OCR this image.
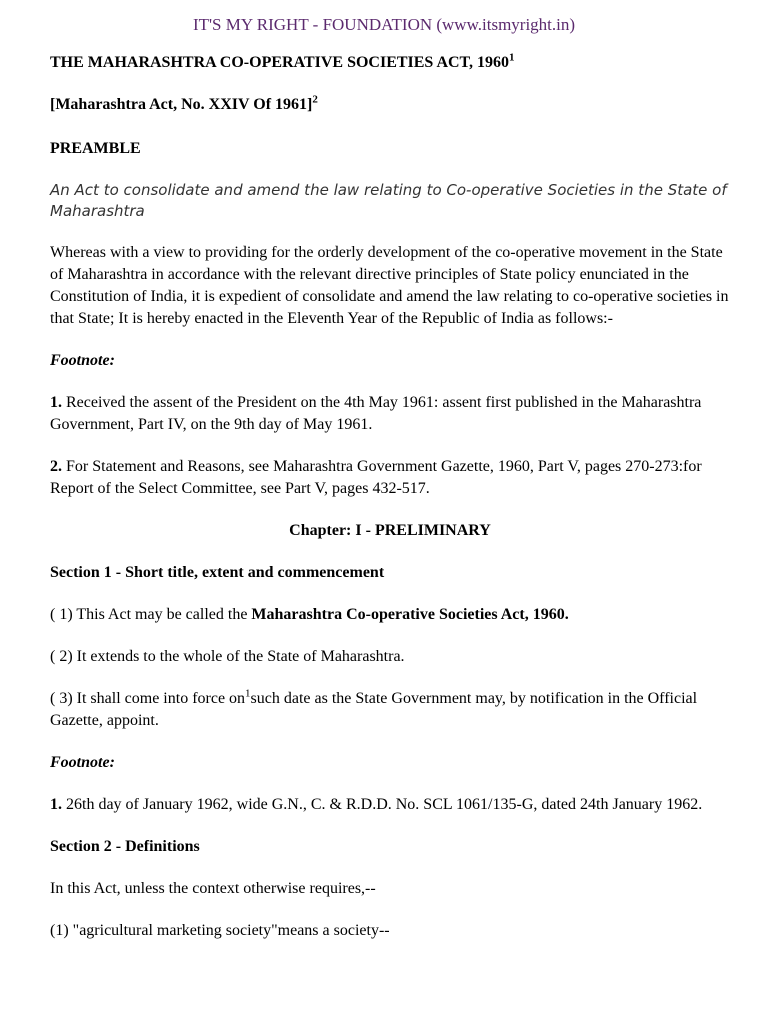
IT'S MY RIGHT - FOUNDATION (www.itsmyright.in)
THE MAHARASHTRA CO-OPERATIVE SOCIETIES ACT, 1960$^1$
[Maharashtra Act, No. XXIV Of 1961]$^2$
PREAMBLE

An Act to consolidate and amend the law relating to Co-operative Societies in the State of Maharashtra

Whereas with a view to providing for the orderly development of the co-operative movement in the State of Maharashtra in accordance with the relevant directive principles of State policy enunciated in the Constitution of India, it is expedient of consolidate and amend the law relating to co-operative societies in that State; It is hereby enacted in the Eleventh Year of the Republic of India as follows:-

Footnote:

1. Received the assent of the President on the 4th May 1961: assent first published in the Maharashtra Government, Part IV, on the 9th day of May 1961.

2. For Statement and Reasons, see Maharashtra Government Gazette, 1960, Part V, pages 270-273:for Report of the Select Committee, see Part V, pages 432-517.

Chapter: I - PRELIMINARY

Section 1 - Short title, extent and commencement

( 1) This Act may be called the Maharashtra Co-operative Societies Act, 1960.

( 2) It extends to the whole of the State of Maharashtra.

( 3) It shall come into force $on^1such$ date as the State Government may, by notification in the Official Gazette, appoint.

Footnote:

1. 26th day of January 1962, wide G.N., C. & R.D.D. No. SCL 1061/135-G, dated 24th January 1962.

Section 2 - Definitions

In this Act, unless the context otherwise requires,--

(1) "agricultural marketing society"means a society--
